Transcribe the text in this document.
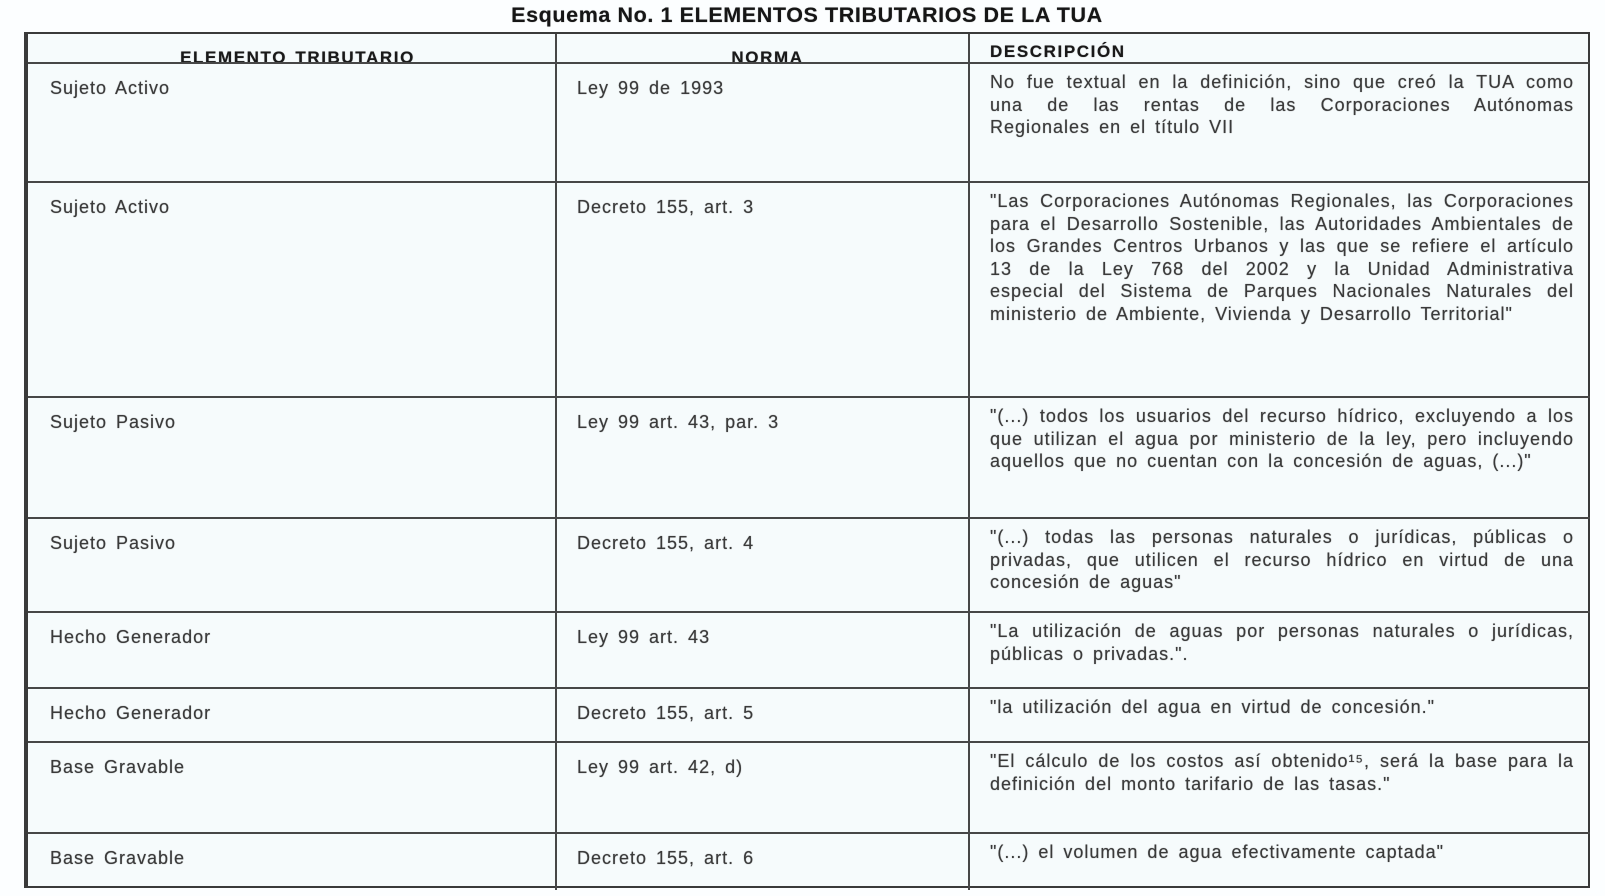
Esquema No. 1 ELEMENTOS TRIBUTARIOS DE LA TUA
ELEMENTO TRIBUTARIO	NORMA	DESCRIPCIÓN
Sujeto Activo	Ley 99 de 1993	No fue textual en la definición, sino que creó la TUA como una de las rentas de las Corporaciones Autónomas Regionales en el título VII
Sujeto Activo	Decreto 155, art. 3	"Las Corporaciones Autónomas Regionales, las Corporaciones para el Desarrollo Sostenible, las Autoridades Ambientales de los Grandes Centros Urbanos y las que se refiere el artículo 13 de la Ley 768 del 2002 y la Unidad Administrativa especial del Sistema de Parques Nacionales Naturales del ministerio de Ambiente, Vivienda y Desarrollo Territorial"
Sujeto Pasivo	Ley 99 art. 43, par. 3	"(...) todos los usuarios del recurso hídrico, excluyendo a los que utilizan el agua por ministerio de la ley, pero incluyendo aquellos que no cuentan con la concesión de aguas, (...)"
Sujeto Pasivo	Decreto 155, art. 4	"(...) todas las personas naturales o jurídicas, públicas o privadas, que utilicen el recurso hídrico en virtud de una concesión de aguas"
Hecho Generador	Ley 99 art. 43	"La utilización de aguas por personas naturales o jurídicas, públicas o privadas.".
Hecho Generador	Decreto 155, art. 5	"la utilización del agua en virtud de concesión."
Base Gravable	Ley 99 art. 42, d)	"El cálculo de los costos así obtenido¹⁵, será la base para la definición del monto tarifario de las tasas."
Base Gravable	Decreto 155, art. 6	"(...) el volumen de agua efectivamente captada"
